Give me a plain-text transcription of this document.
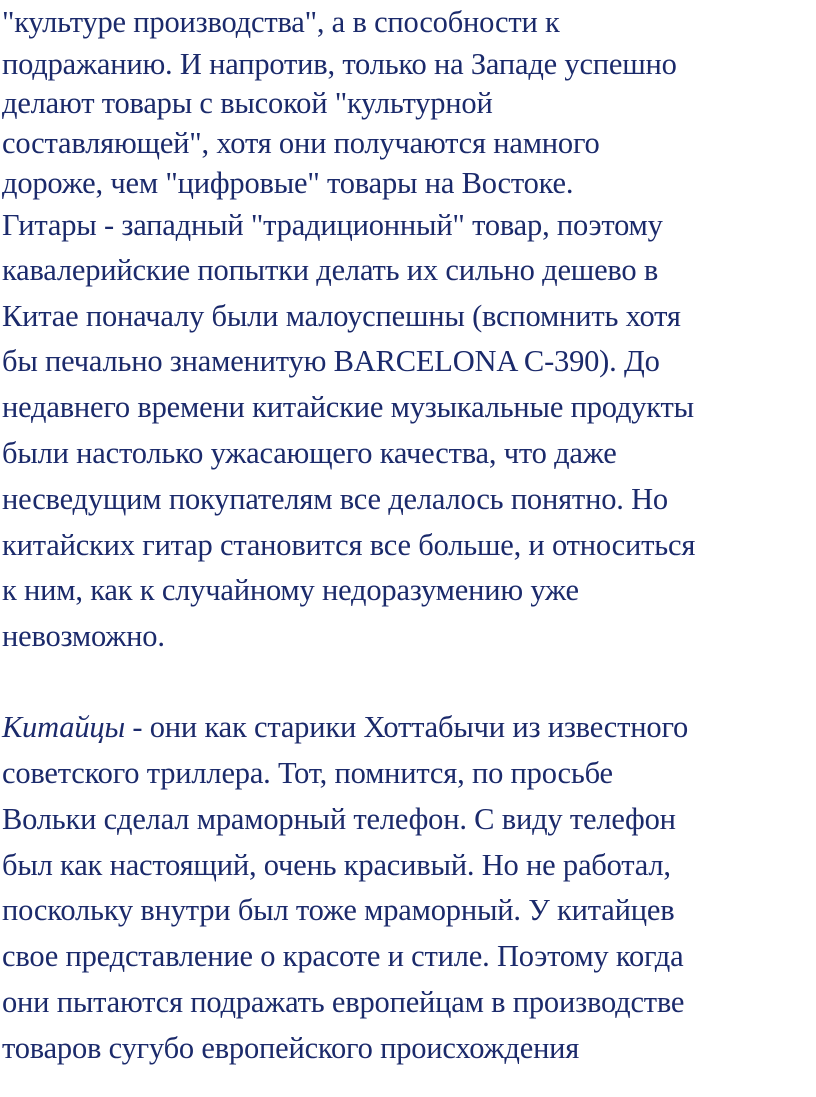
"культуре производства", а в способности к
подражанию. И напротив, только на Западе успешно
делают товары с высокой "культурной
составляющей", хотя они получаются намного
дороже, чем "цифровые" товары на Востоке.
Гитары - западный "традиционный" товар, поэтому
кавалерийские попытки делать их сильно дешево в
Китае поначалу были малоуспешны (вспомнить хотя
бы печально знаменитую BARCELONA C-390). До
недавнего времени китайские музыкальные продукты
были настолько ужасающего качества, что даже
несведущим покупателям все делалось понятно. Но
китайских гитар становится все больше, и относиться
к ним, как к случайному недоразумению уже
невозможно.
Китайцы - они как старики Хоттабычи из известного
советского триллера. Тот, помнится, по просьбе
Вольки сделал мраморный телефон. С виду телефон
был как настоящий, очень красивый. Но не работал,
поскольку внутри был тоже мраморный. У китайцев
свое представление о красоте и стиле. Поэтому когда
они пытаются подражать европейцам в производстве
товаров сугубо европейского происхождения
